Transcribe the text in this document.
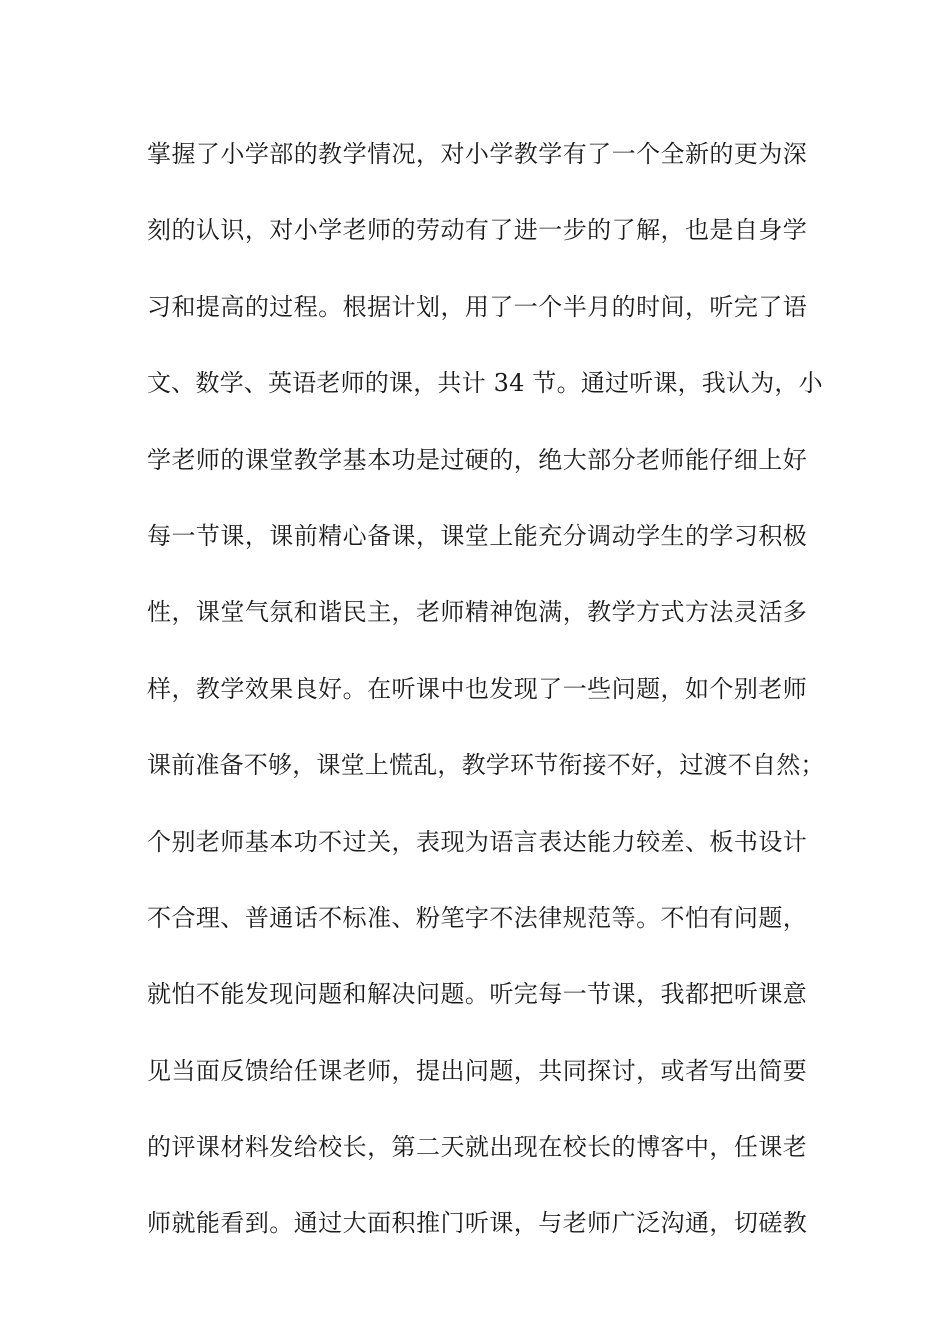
掌握了小学部的教学情况，对小学教学有了一个全新的更为深
刻的认识，对小学老师的劳动有了进一步的了解，也是自身学
习和提高的过程。根据计划，用了一个半月的时间，听完了语
文、数学、英语老师的课，共计 34 节。通过听课，我认为，小
学老师的课堂教学基本功是过硬的，绝大部分老师能仔细上好
每一节课，课前精心备课，课堂上能充分调动学生的学习积极
性，课堂气氛和谐民主，老师精神饱满，教学方式方法灵活多
样，教学效果良好。在听课中也发现了一些问题，如个别老师
课前准备不够，课堂上慌乱，教学环节衔接不好，过渡不自然；
个别老师基本功不过关，表现为语言表达能力较差、板书设计
不合理、普通话不标准、粉笔字不法律规范等。不怕有问题，
就怕不能发现问题和解决问题。听完每一节课，我都把听课意
见当面反馈给任课老师，提出问题，共同探讨，或者写出简要
的评课材料发给校长，第二天就出现在校长的博客中，任课老
师就能看到。通过大面积推门听课，与老师广泛沟通，切磋教
